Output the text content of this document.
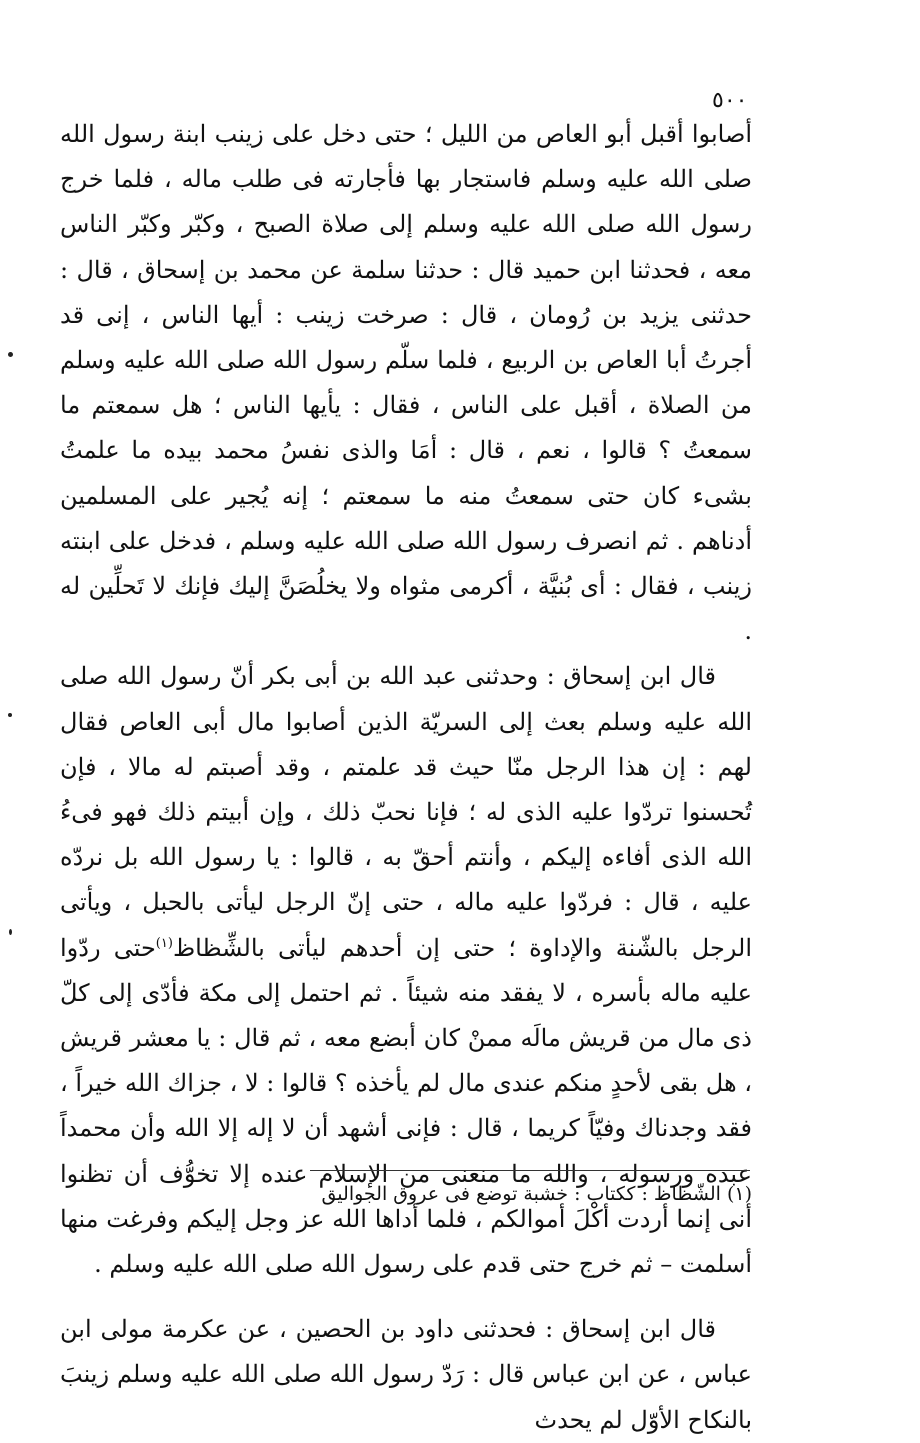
٥٠٠

أصابوا أقبل أبو العاص من الليل ؛ حتى دخل على زينب ابنة رسول الله صلى الله عليه وسلم فاستجار بها فأجارته فى طلب ماله ، فلما خرج رسول الله صلى الله عليه وسلم إلى صلاة الصبح ، وكبّر وكبّر الناس معه ، فحدثنا ابن حميد قال : حدثنا سلمة عن محمد بن إسحاق ، قال : حدثنى يزيد بن رُومان ، قال : صرخت زينب : أيها الناس ، إنى قد أجرتُ أبا العاص بن الربيع ، فلما سلّم رسول الله صلى الله عليه وسلم من الصلاة ، أقبل على الناس ، فقال : يأيها الناس ؛ هل سمعتم ما سمعتُ ؟ قالوا ، نعم ، قال : أمَا والذى نفسُ محمد بيده ما علمتُ بشىء كان حتى سمعتُ منه ما سمعتم ؛ إنه يُجير على المسلمين أدناهم . ثم انصرف رسول الله صلى الله عليه وسلم ، فدخل على ابنته زينب ، فقال : أى بُنيَّة ، أكرمى مثواه ولا يخلُصَنَّ إليك فإنك لا تَحلِّين له .

قال ابن إسحاق : وحدثنى عبد الله بن أبى بكر أنّ رسول الله صلى الله عليه وسلم بعث إلى السريّة الذين أصابوا مال أبى العاص فقال لهم : إن هذا الرجل منّا حيث قد علمتم ، وقد أصبتم له مالا ، فإن تُحسنوا تردّوا عليه الذى له ؛ فإنا نحبّ ذلك ، وإن أبيتم ذلك فهو فىءُ الله الذى أفاءه إليكم ، وأنتم أحقّ به ، قالوا : يا رسول الله بل نردّه عليه ، قال : فردّوا عليه ماله ، حتى إنّ الرجل ليأتى بالحبل ، ويأتى الرجل بالشّنة والإداوة ؛ حتى إن أحدهم ليأتى بالشِّظاظ$^{(١)}$حتى ردّوا عليه ماله بأسره ، لا يفقد منه شيئاً . ثم احتمل إلى مكة فأدّى إلى كلّ ذى مال من قريش مالَه ممنْ كان أبضع معه ، ثم قال : يا معشر قريش ، هل بقى لأحدٍ منكم عندى مال لم يأخذه ؟ قالوا : لا ، جزاك الله خيراً ، فقد وجدناك وفيّاً كريما ، قال : فإنى أشهد أن لا إله إلا الله وأن محمداً عبده ورسوله ، والله ما منعنى من الإسلام عنده إلا تخوُّف أن تظنوا أنى إنما أردت أكْلَ أموالكم ، فلما أداها الله عز وجل إليكم وفرغت منها أسلمت – ثم خرج حتى قدم على رسول الله صلى الله عليه وسلم .

قال ابن إسحاق : فحدثنى داود بن الحصين ، عن عكرمة مولى ابن عباس ، عن ابن عباس قال : رَدّ رسول الله صلى الله عليه وسلم زينبَ بالنكاح الأوّل لم يحدث

(١) الشّظاظ : ككتاب : خشبة توضع فى عروق الجواليق
